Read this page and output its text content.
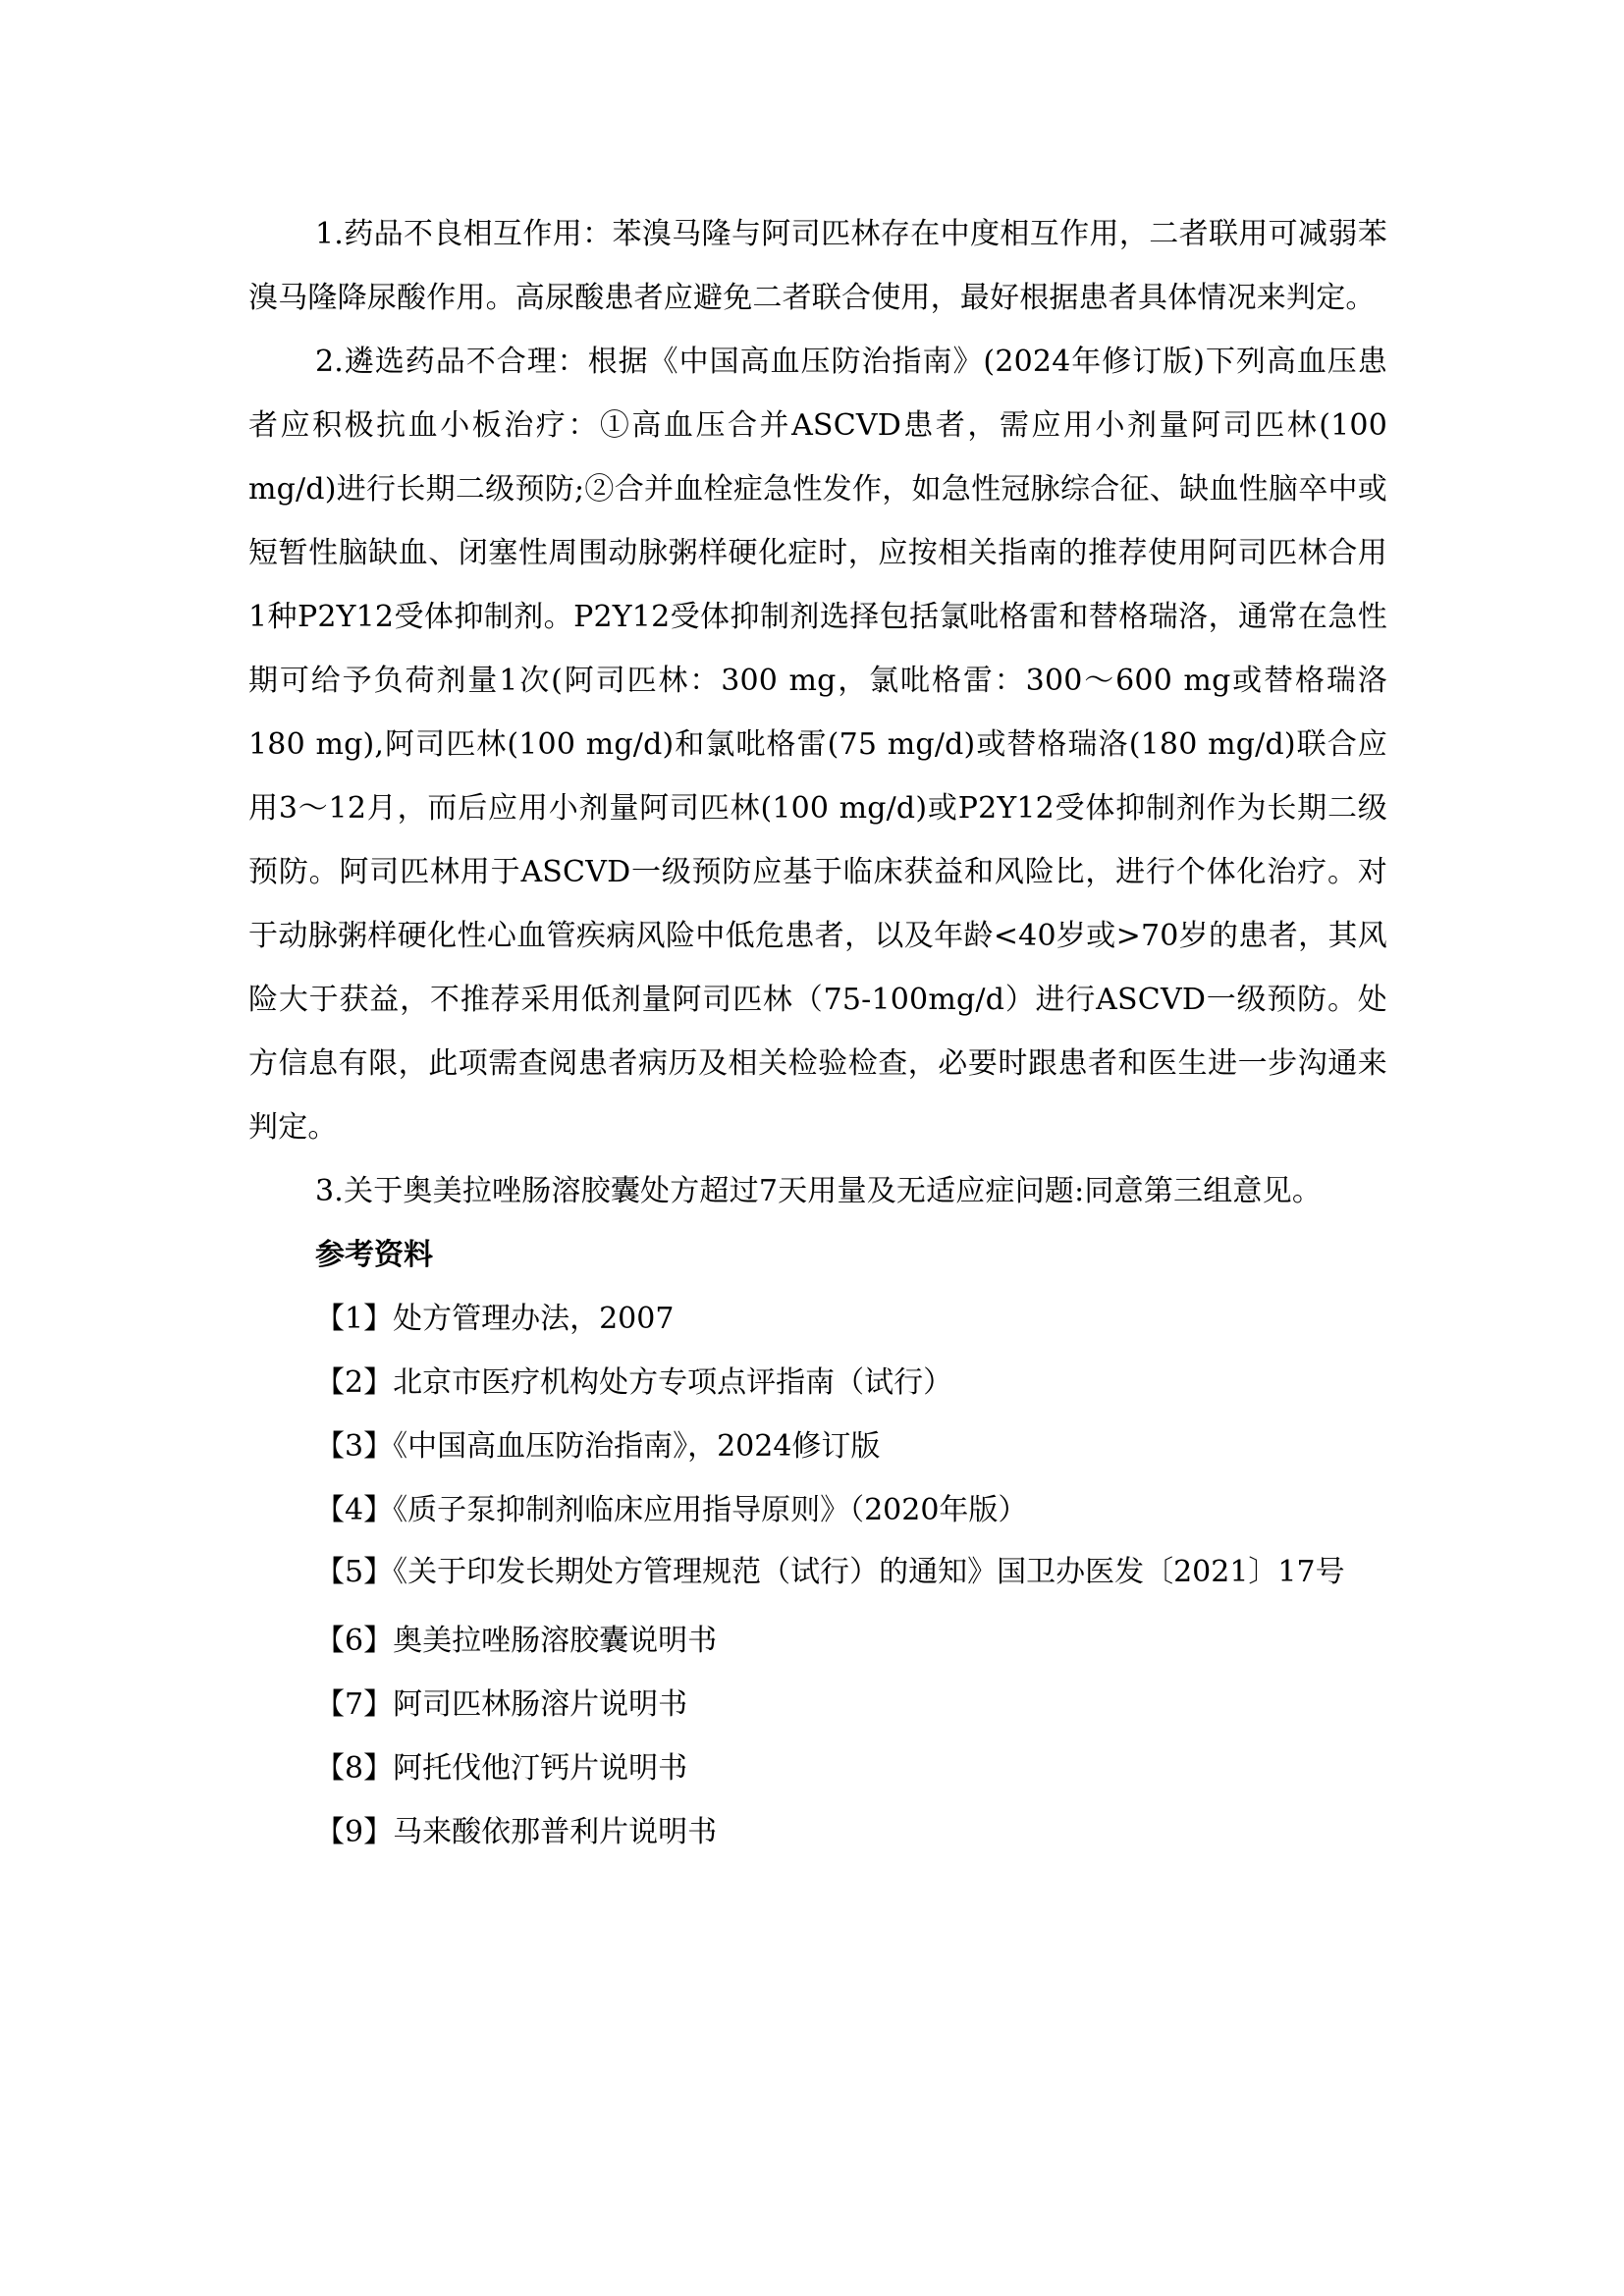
1.药品不良相互作用：苯溴马隆与阿司匹林存在中度相互作用，二者联用可减弱苯溴马隆降尿酸作用。高尿酸患者应避免二者联合使用，最好根据患者具体情况来判定。

2.遴选药品不合理：根据《中国高血压防治指南》(2024年修订版)下列高血压患者应积极抗血小板治疗：①高血压合并ASCVD患者，需应用小剂量阿司匹林(100 mg/d)进行长期二级预防;②合并血栓症急性发作，如急性冠脉综合征、缺血性脑卒中或短暂性脑缺血、闭塞性周围动脉粥样硬化症时，应按相关指南的推荐使用阿司匹林合用1种P2Y12受体抑制剂。P2Y12受体抑制剂选择包括氯吡格雷和替格瑞洛，通常在急性期可给予负荷剂量1次(阿司匹林：300 mg，氯吡格雷：300～600 mg或替格瑞洛180 mg),阿司匹林(100 mg/d)和氯吡格雷(75 mg/d)或替格瑞洛(180 mg/d)联合应用3～12月，而后应用小剂量阿司匹林(100 mg/d)或P2Y12受体抑制剂作为长期二级预防。阿司匹林用于ASCVD一级预防应基于临床获益和风险比，进行个体化治疗。对于动脉粥样硬化性心血管疾病风险中低危患者，以及年龄<40岁或>70岁的患者，其风险大于获益，不推荐采用低剂量阿司匹林（75-100mg/d）进行ASCVD一级预防。处方信息有限，此项需查阅患者病历及相关检验检查，必要时跟患者和医生进一步沟通来判定。

3.关于奥美拉唑肠溶胶囊处方超过7天用量及无适应症问题:同意第三组意见。

参考资料

【1】处方管理办法，2007

【2】北京市医疗机构处方专项点评指南（试行）

【3】《中国高血压防治指南》，2024修订版

【4】《质子泵抑制剂临床应用指导原则》（2020年版）

【5】《关于印发长期处方管理规范（试行）的通知》国卫办医发〔2021〕17号

【6】奥美拉唑肠溶胶囊说明书

【7】阿司匹林肠溶片说明书

【8】阿托伐他汀钙片说明书

【9】马来酸依那普利片说明书
